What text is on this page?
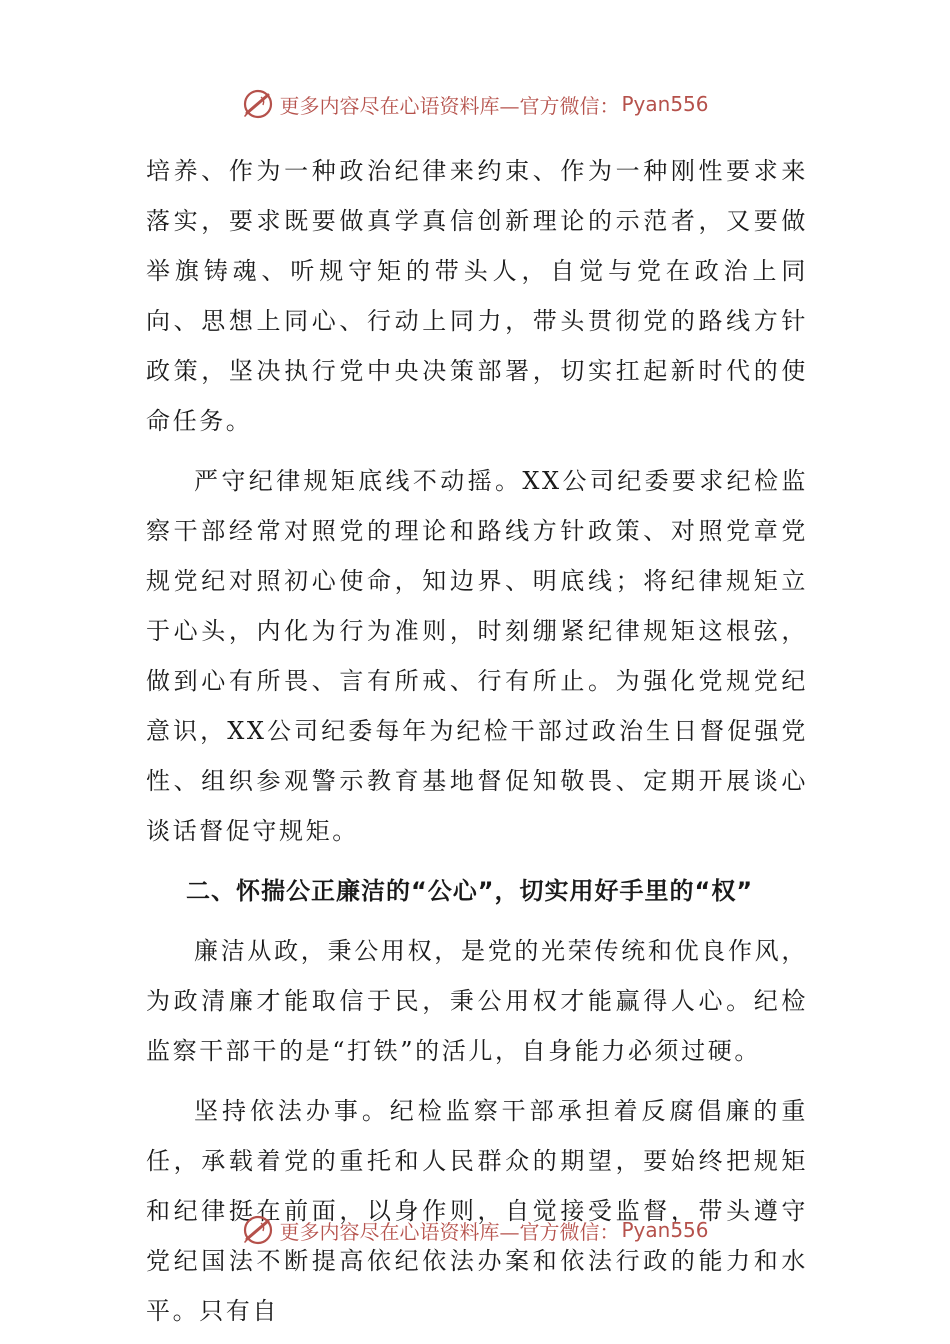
更多内容尽在心语资料库—官方微信： Pyan556

培养、作为一种政治纪律来约束、作为一种刚性要求来落实，要求既要做真学真信创新理论的示范者，又要做举旗铸魂、听规守矩的带头人，自觉与党在政治上同向、思想上同心、行动上同力，带头贯彻党的路线方针政策，坚决执行党中央决策部署，切实扛起新时代的使命任务。

严守纪律规矩底线不动摇。XX公司纪委要求纪检监察干部经常对照党的理论和路线方针政策、对照党章党规党纪对照初心使命，知边界、明底线；将纪律规矩立于心头，内化为行为准则，时刻绷紧纪律规矩这根弦，做到心有所畏、言有所戒、行有所止。为强化党规党纪意识，XX公司纪委每年为纪检干部过政治生日督促强党性、组织参观警示教育基地督促知敬畏、定期开展谈心谈话督促守规矩。

二、怀揣公正廉洁的“公心”，切实用好手里的“权”

廉洁从政，秉公用权，是党的光荣传统和优良作风，为政清廉才能取信于民，秉公用权才能赢得人心。纪检监察干部干的是“打铁”的活儿，自身能力必须过硬。

坚持依法办事。纪检监察干部承担着反腐倡廉的重任，承载着党的重托和人民群众的期望，要始终把规矩和纪律挺在前面，以身作则，自觉接受监督，带头遵守党纪国法不断提高依纪依法办案和依法行政的能力和水平。只有自

更多内容尽在心语资料库—官方微信： Pyan556
